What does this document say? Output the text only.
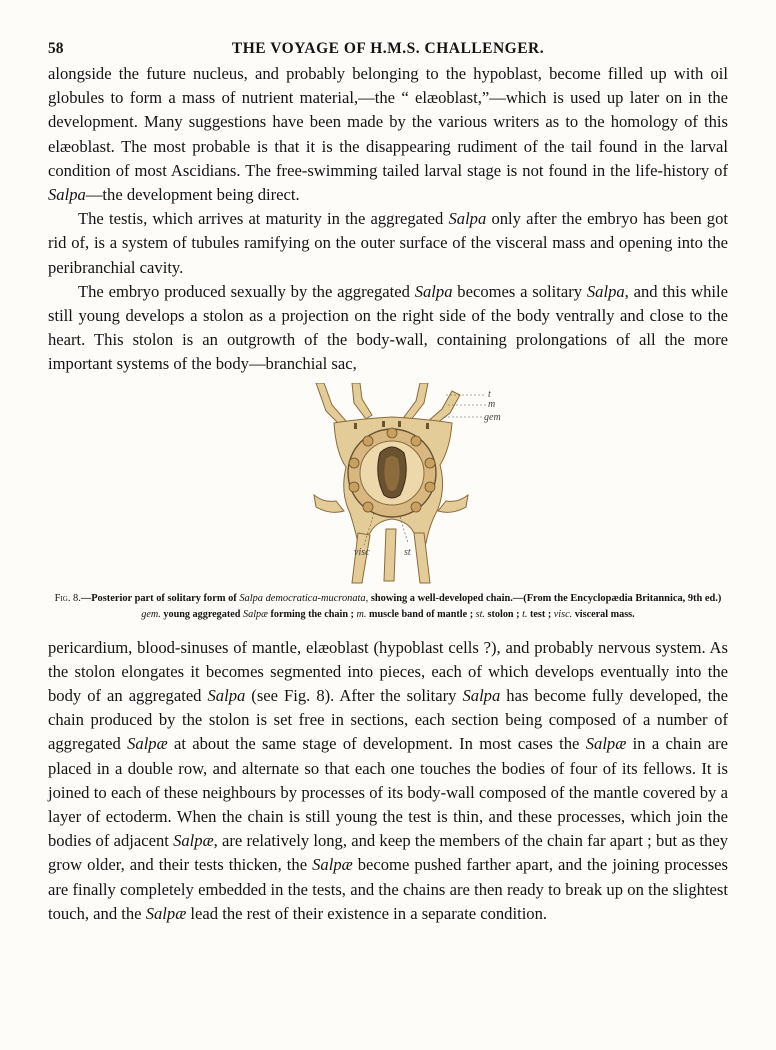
58	THE VOYAGE OF H.M.S. CHALLENGER.

alongside the future nucleus, and probably belonging to the hypoblast, become filled up with oil globules to form a mass of nutrient material,—the “ elæoblast,”—which is used up later on in the development. Many suggestions have been made by the various writers as to the homology of this elæoblast. The most probable is that it is the disappearing rudiment of the tail found in the larval condition of most Ascidians. The free-swimming tailed larval stage is not found in the life-history of Salpa—the development being direct.

The testis, which arrives at maturity in the aggregated Salpa only after the embryo has been got rid of, is a system of tubules ramifying on the outer surface of the visceral mass and opening into the peribranchial cavity.

The embryo produced sexually by the aggregated Salpa becomes a solitary Salpa, and this while still young develops a stolon as a projection on the right side of the body ventrally and close to the heart. This stolon is an outgrowth of the body-wall, containing prolongations of all the more important systems of the body—branchial sac,

t
m
gem
visc	st
Fig. 8.—Posterior part of solitary form of Salpa democratica-mucronata, showing a well-developed chain.—(From the Encyclopædia Britannica, 9th ed.)
gem. young aggregated Salpæ forming the chain ; m. muscle band of mantle ; st. stolon ; t. test ; visc. visceral mass.

pericardium, blood-sinuses of mantle, elæoblast (hypoblast cells ?), and probably nervous system. As the stolon elongates it becomes segmented into pieces, each of which develops eventually into the body of an aggregated Salpa (see Fig. 8). After the solitary Salpa has become fully developed, the chain produced by the stolon is set free in sections, each section being composed of a number of aggregated Salpæ at about the same stage of development. In most cases the Salpæ in a chain are placed in a double row, and alternate so that each one touches the bodies of four of its fellows. It is joined to each of these neighbours by processes of its body-wall composed of the mantle covered by a layer of ectoderm. When the chain is still young the test is thin, and these processes, which join the bodies of adjacent Salpæ, are relatively long, and keep the members of the chain far apart ; but as they grow older, and their tests thicken, the Salpæ become pushed farther apart, and the joining processes are finally completely embedded in the tests, and the chains are then ready to break up on the slightest touch, and the Salpæ lead the rest of their existence in a separate condition.
